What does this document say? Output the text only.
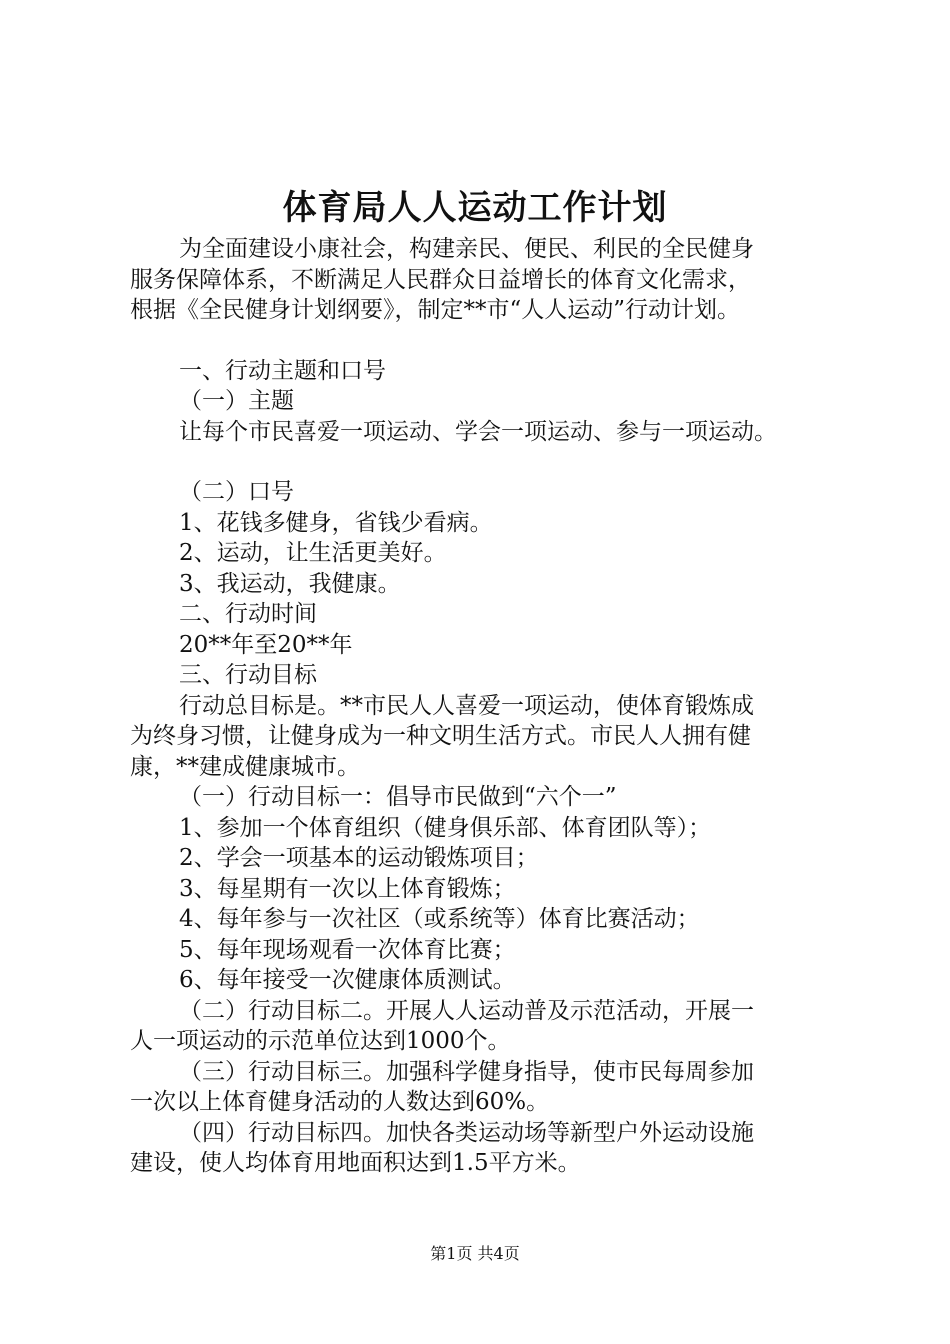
体育局人人运动工作计划

为全面建设小康社会，构建亲民、便民、利民的全民健身

服务保障体系，不断满足人民群众日益增长的体育文化需求，

根据《全民健身计划纲要》，制定**市“人人运动”行动计划。

一、行动主题和口号

（一）主题

让每个市民喜爱一项运动、学会一项运动、参与一项运动。

（二）口号

1、花钱多健身，省钱少看病。

2、运动，让生活更美好。

3、我运动，我健康。

二、行动时间

20**年至20**年

三、行动目标

行动总目标是。**市民人人喜爱一项运动，使体育锻炼成

为终身习惯，让健身成为一种文明生活方式。市民人人拥有健

康，**建成健康城市。

（一）行动目标一：倡导市民做到“六个一”

1、参加一个体育组织（健身俱乐部、体育团队等）；

2、学会一项基本的运动锻炼项目；

3、每星期有一次以上体育锻炼；

4、每年参与一次社区（或系统等）体育比赛活动；

5、每年现场观看一次体育比赛；

6、每年接受一次健康体质测试。

（二）行动目标二。开展人人运动普及示范活动，开展一

人一项运动的示范单位达到1000个。

（三）行动目标三。加强科学健身指导，使市民每周参加

一次以上体育健身活动的人数达到60%。

（四）行动目标四。加快各类运动场等新型户外运动设施

建设，使人均体育用地面积达到1.5平方米。

第1页 共4页
